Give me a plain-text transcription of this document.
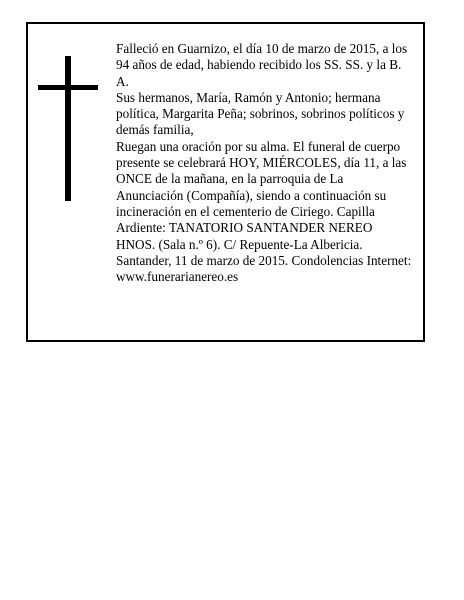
Falleció en Guarnizo, el día 10 de marzo de 2015, a los 94 años de edad, habiendo recibido los SS. SS. y la B. A.

Sus hermanos, María, Ramón y Antonio; hermana política, Margarita Peña; sobrinos, sobrinos políticos y demás familia,

Ruegan una oración por su alma. El funeral de cuerpo presente se celebrará HOY, MIÉRCOLES, día 11, a las ONCE de la mañana, en la parroquia de La Anunciación (Compañía), siendo a continuación su incineración en el cementerio de Ciriego. Capilla Ardiente: TANATORIO SANTANDER NEREO HNOS. (Sala n.º 6). C/ Repuente-La Albericia.

Santander, 11 de marzo de 2015. Condolencias Internet: www.funerarianereo.es
